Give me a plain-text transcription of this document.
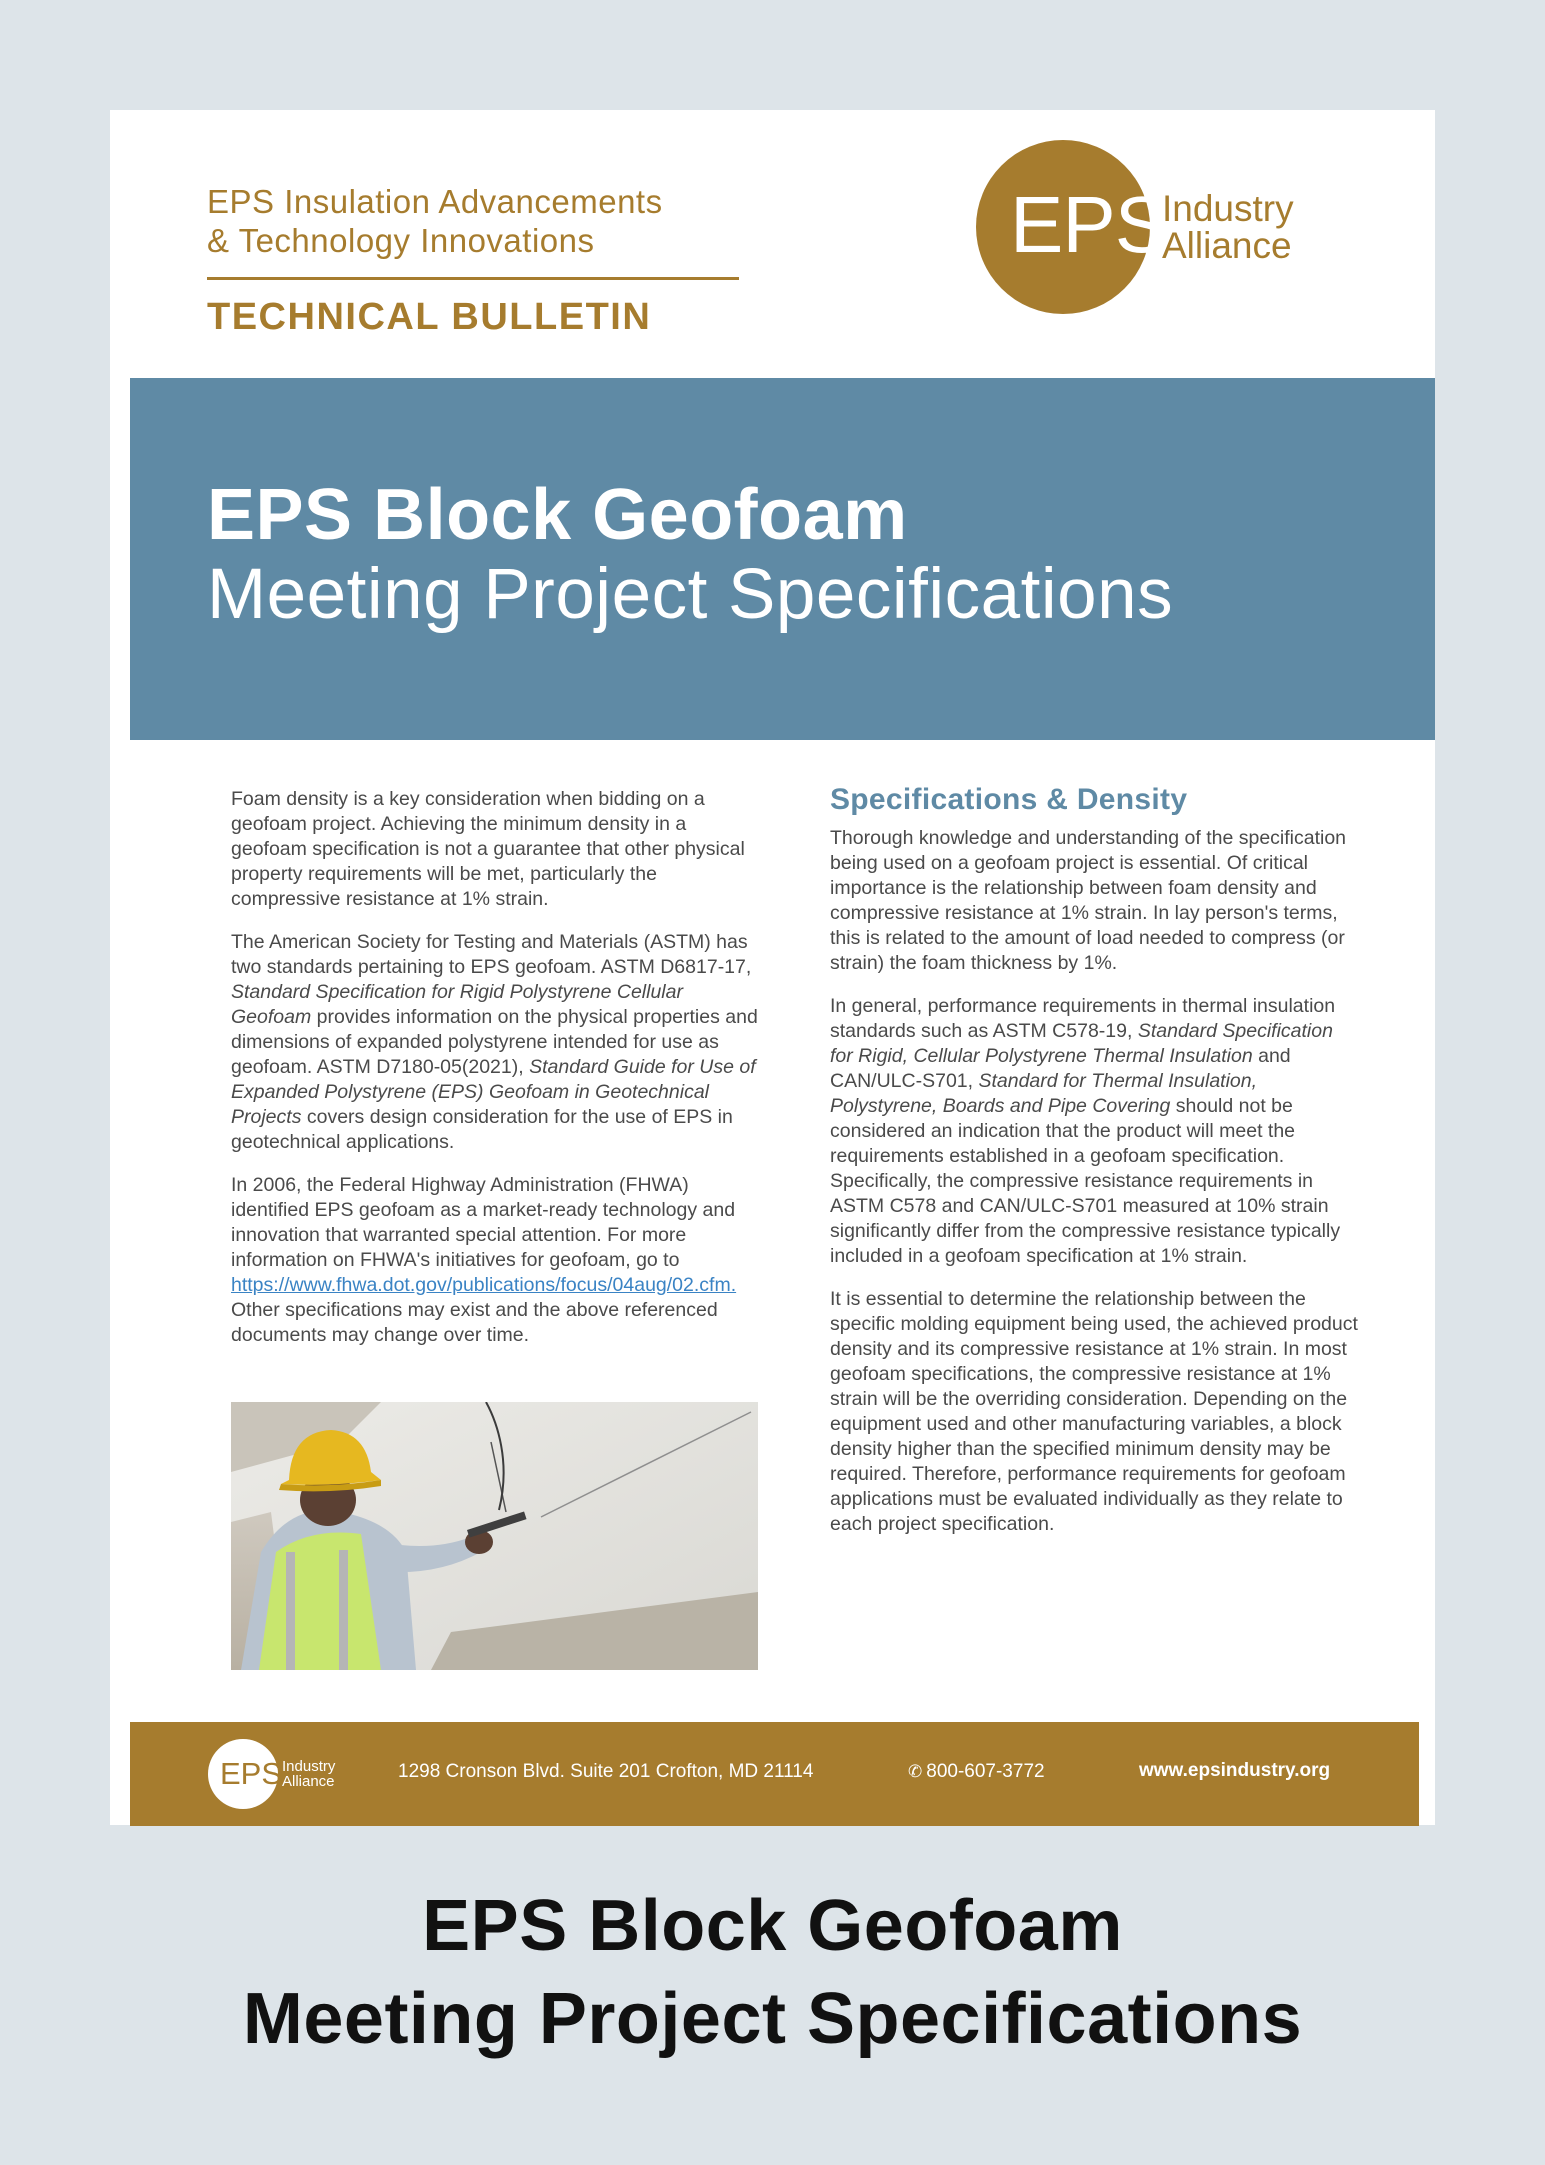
EPS Insulation Advancements
& Technology Innovations
TECHNICAL BULLETIN
EPS
Industry
Alliance
EPS Block Geofoam
Meeting Project Specifications

Foam density is a key consideration when bidding on a geofoam project. Achieving the minimum density in a geofoam specification is not a guarantee that other physical property requirements will be met, particularly the compressive resistance at 1% strain.

The American Society for Testing and Materials (ASTM) has two standards pertaining to EPS geofoam. ASTM D6817-17, Standard Specification for Rigid Polystyrene Cellular Geofoam provides information on the physical properties and dimensions of expanded polystyrene intended for use as geofoam. ASTM D7180-05(2021), Standard Guide for Use of Expanded Polystyrene (EPS) Geofoam in Geotechnical Projects covers design consideration for the use of EPS in geotechnical applications.

In 2006, the Federal Highway Administration (FHWA) identified EPS geofoam as a market-ready technology and innovation that warranted special attention. For more information on FHWA's initiatives for geofoam, go to https://www.fhwa.dot.gov/publications/focus/04aug/02.cfm. Other specifications may exist and the above referenced documents may change over time.

Specifications & Density

Thorough knowledge and understanding of the specification being used on a geofoam project is essential. Of critical importance is the relationship between foam density and compressive resistance at 1% strain. In lay person's terms, this is related to the amount of load needed to compress (or strain) the foam thickness by 1%.

In general, performance requirements in thermal insulation standards such as ASTM C578-19, Standard Specification for Rigid, Cellular Polystyrene Thermal Insulation and CAN/ULC-S701, Standard for Thermal Insulation, Polystyrene, Boards and Pipe Covering should not be considered an indication that the product will meet the requirements established in a geofoam specification. Specifically, the compressive resistance requirements in ASTM C578 and CAN/ULC-S701 measured at 10% strain significantly differ from the compressive resistance typically included in a geofoam specification at 1% strain.

It is essential to determine the relationship between the specific molding equipment being used, the achieved product density and its compressive resistance at 1% strain. In most geofoam specifications, the compressive resistance at 1% strain will be the overriding consideration. Depending on the equipment used and other manufacturing variables, a block density higher than the specified minimum density may be required. Therefore, performance requirements for geofoam applications must be evaluated individually as they relate to each project specification.

EPS Industry
Alliance	1298 Cronson Blvd. Suite 201 Crofton, MD 21114	✆ 800-607-3772	www.epsindustry.org
EPS Block Geofoam
Meeting Project Specifications
